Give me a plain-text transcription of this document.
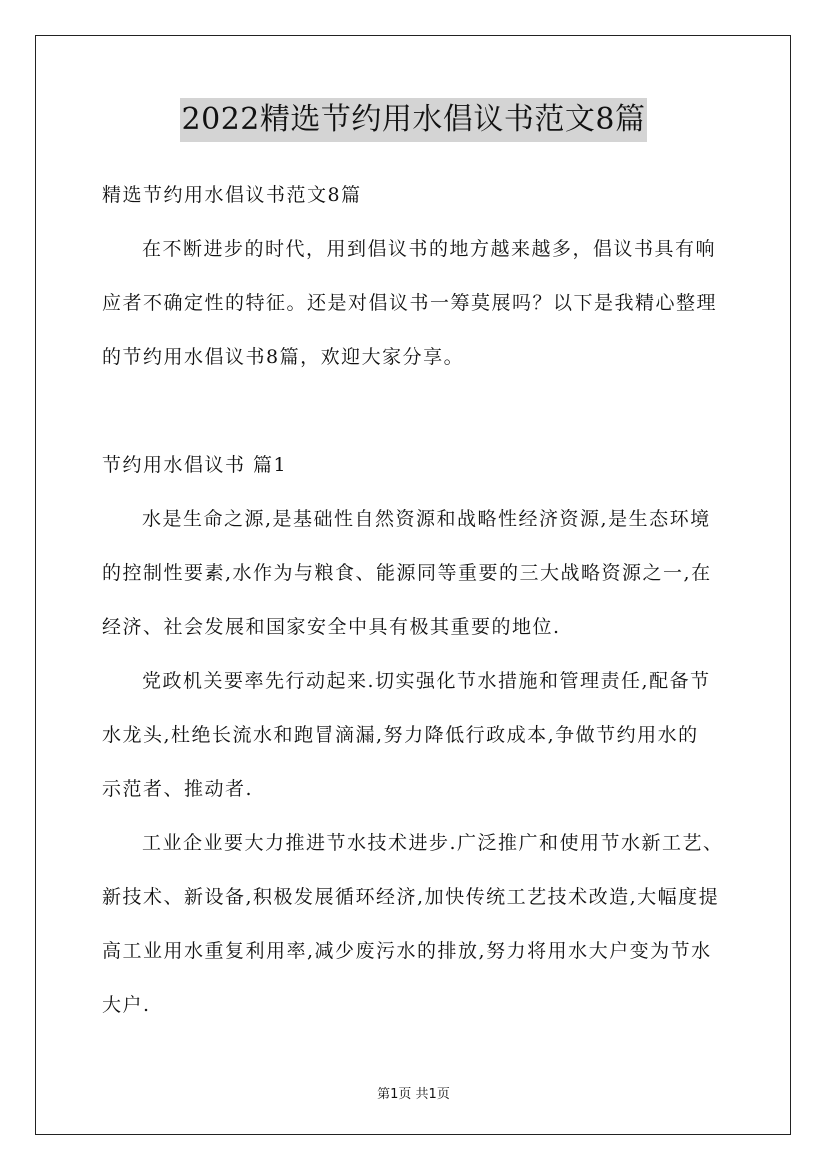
2022精选节约用水倡议书范文8篇
精选节约用水倡议书范文8篇
在不断进步的时代，用到倡议书的地方越来越多，倡议书具有响
应者不确定性的特征。还是对倡议书一筹莫展吗？以下是我精心整理
的节约用水倡议书8篇，欢迎大家分享。
节约用水倡议书 篇1
水是生命之源,是基础性自然资源和战略性经济资源,是生态环境
的控制性要素,水作为与粮食、能源同等重要的三大战略资源之一,在
经济、社会发展和国家安全中具有极其重要的地位.
党政机关要率先行动起来.切实强化节水措施和管理责任,配备节
水龙头,杜绝长流水和跑冒滴漏,努力降低行政成本,争做节约用水的
示范者、推动者.
工业企业要大力推进节水技术进步.广泛推广和使用节水新工艺、
新技术、新设备,积极发展循环经济,加快传统工艺技术改造,大幅度提
高工业用水重复利用率,减少废污水的排放,努力将用水大户变为节水
大户.
第1页 共1页
